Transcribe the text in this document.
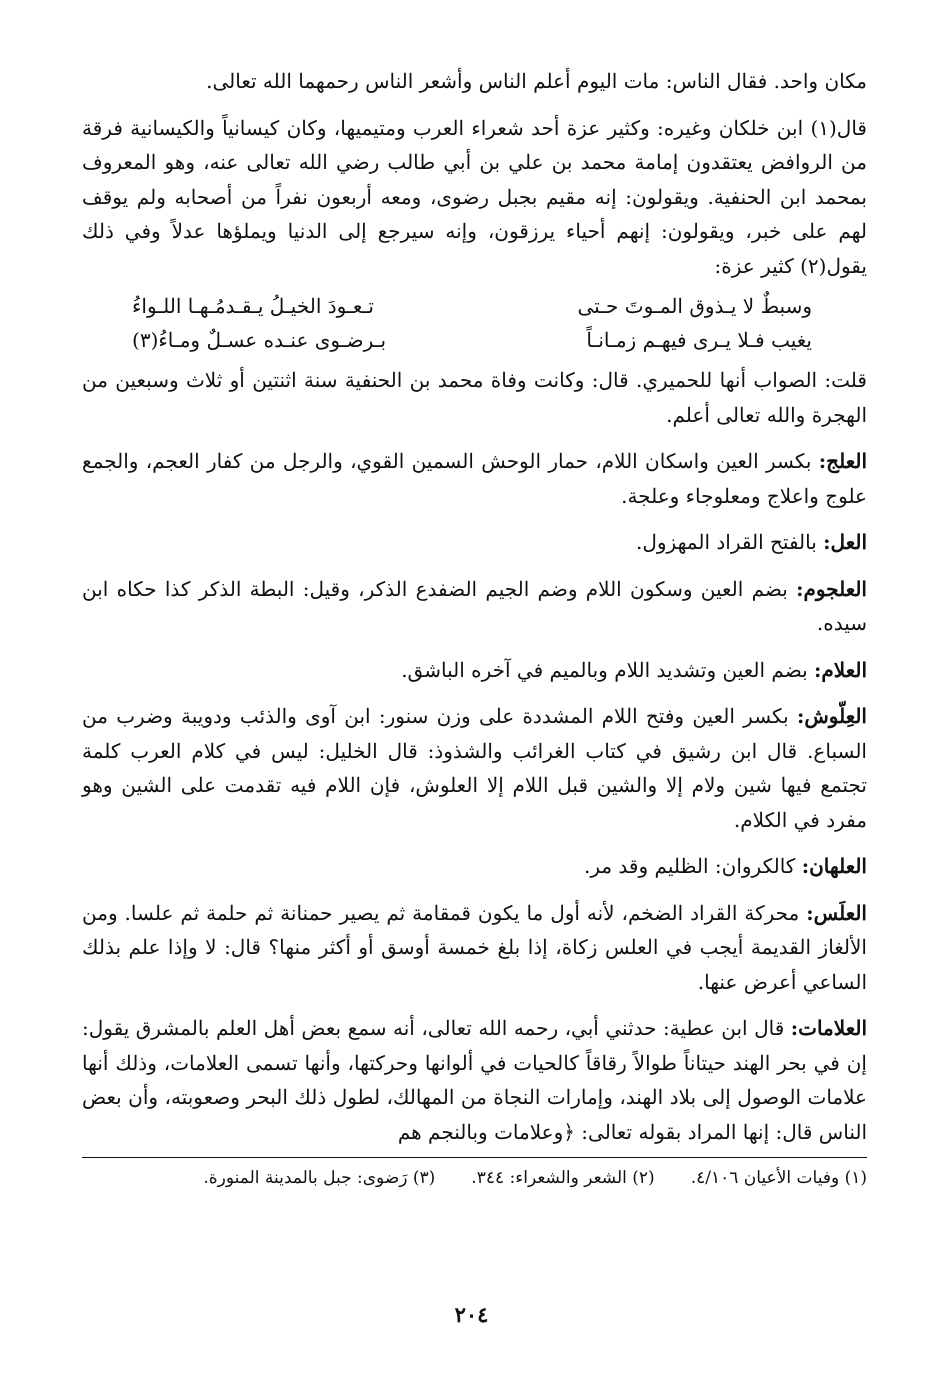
مكان واحد. فقال الناس: مات اليوم أعلم الناس وأشعر الناس رحمهما الله تعالى.

قال(١) ابن خلكان وغيره: وكثير عزة أحد شعراء العرب ومتيميها، وكان كيسانياً والكيسانية فرقة من الروافض يعتقدون إمامة محمد بن علي بن أبي طالب رضي الله تعالى عنه، وهو المعروف بمحمد ابن الحنفية. ويقولون: إنه مقيم بجبل رضوى، ومعه أربعون نفراً من أصحابه ولم يوقف لهم على خبر، ويقولون: إنهم أحياء يرزقون، وإنه سيرجع إلى الدنيا ويملؤها عدلاً وفي ذلك يقول(٢) كثير عزة:

وسبطٌ لا يـذوق المـوتَ حـتى
تـعـودَ الخيـلُ يـقـدمُـهـا اللـواءُ
يغيب فـلا يـرى فيهـم زمـانـاً
بـرضـوى عنـده عسـلٌ ومـاءُ(٣)

قلت: الصواب أنها للحميري. قال: وكانت وفاة محمد بن الحنفية سنة اثنتين أو ثلاث وسبعين من الهجرة والله تعالى أعلم.

العلج: بكسر العين واسكان اللام، حمار الوحش السمين القوي، والرجل من كفار العجم، والجمع علوج واعلاج ومعلوجاء وعلجة.

العل: بالفتح القراد المهزول.

العلجوم: بضم العين وسكون اللام وضم الجيم الضفدع الذكر، وقيل: البطة الذكر كذا حكاه ابن سيده.

العلام: بضم العين وتشديد اللام وبالميم في آخره الباشق.

العِلّوش: بكسر العين وفتح اللام المشددة على وزن سنور: ابن آوى والذئب ودويبة وضرب من السباع. قال ابن رشيق في كتاب الغرائب والشذوذ: قال الخليل: ليس في كلام العرب كلمة تجتمع فيها شين ولام إلا والشين قبل اللام إلا العلوش، فإن اللام فيه تقدمت على الشين وهو مفرد في الكلام.

العلهان: كالكروان: الظليم وقد مر.

العلَس: محركة القراد الضخم، لأنه أول ما يكون قمقامة ثم يصير حمنانة ثم حلمة ثم علسا. ومن الألغاز القديمة أيجب في العلس زكاة، إذا بلغ خمسة أوسق أو أكثر منها؟ قال: لا وإذا علم بذلك الساعي أعرض عنها.

العلامات: قال ابن عطية: حدثني أبي، رحمه الله تعالى، أنه سمع بعض أهل العلم بالمشرق يقول: إن في بحر الهند حيتاناً طوالاً رقاقاً كالحيات في ألوانها وحركتها، وأنها تسمى العلامات، وذلك أنها علامات الوصول إلى بلاد الهند، وإمارات النجاة من المهالك، لطول ذلك البحر وصعوبته، وأن بعض الناس قال: إنها المراد بقوله تعالى: ﴿وعلامات وبالنجم هم

(١) وفيات الأعيان ٤/١٠٦.
(٢) الشعر والشعراء: ٣٤٤.
(٣) رَضوى: جبل بالمدينة المنورة.
٢٠٤
